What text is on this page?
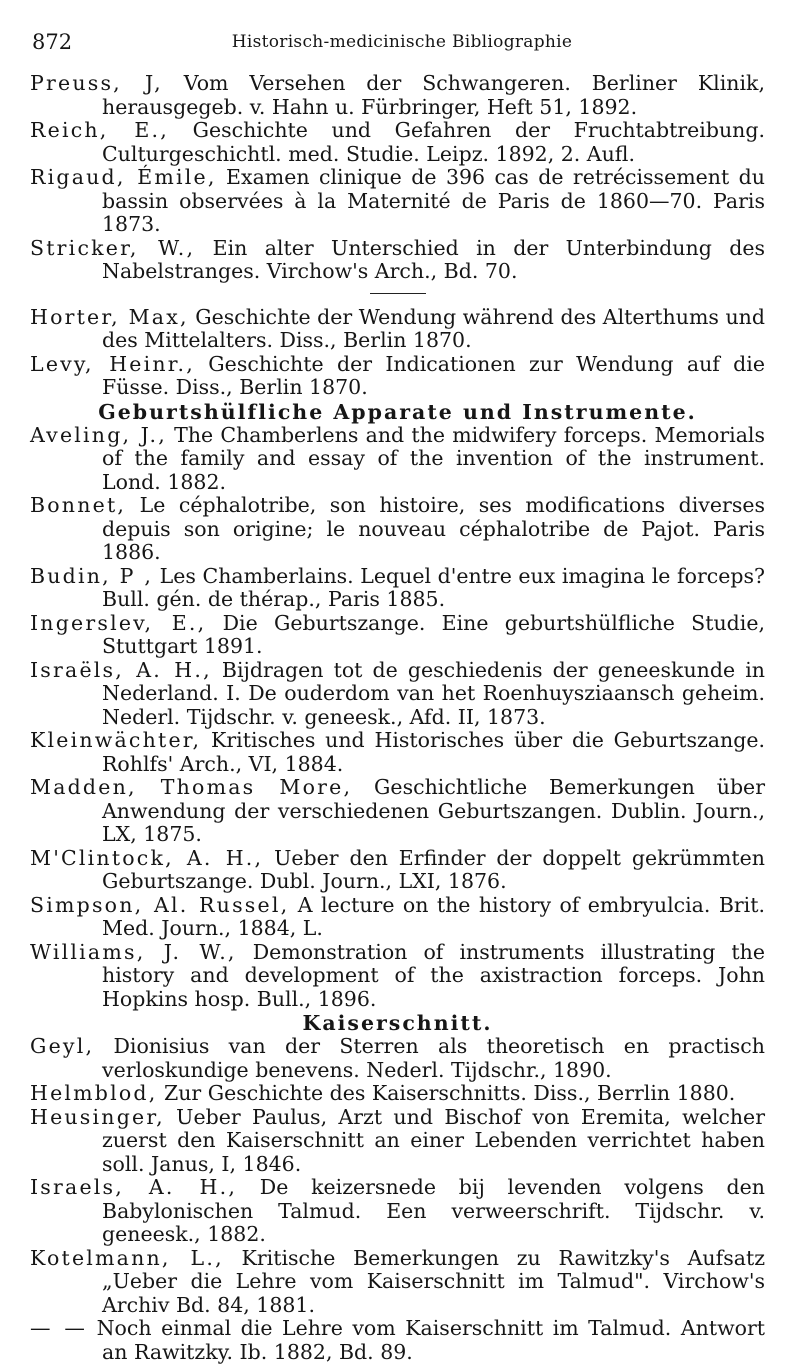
872	Historisch-medicinische Bibliographie

Preuss, J, Vom Versehen der Schwangeren. Berliner Klinik, herausgegeb. v. Hahn u. Fürbringer, Heft 51, 1892.

Reich, E., Geschichte und Gefahren der Fruchtabtreibung. Culturgeschichtl. med. Studie. Leipz. 1892, 2. Aufl.

Rigaud, Émile, Examen clinique de 396 cas de retrécissement du bassin observées à la Maternité de Paris de 1860—70. Paris 1873.

Stricker, W., Ein alter Unterschied in der Unterbindung des Nabelstranges. Virchow's Arch., Bd. 70.

Horter, Max, Geschichte der Wendung während des Alterthums und des Mittelalters. Diss., Berlin 1870.

Levy, Heinr., Geschichte der Indicationen zur Wendung auf die Füsse. Diss., Berlin 1870.

Geburtshülfliche Apparate und Instrumente.

Aveling, J., The Chamberlens and the midwifery forceps. Memorials of the family and essay of the invention of the instrument. Lond. 1882.

Bonnet, Le céphalotribe, son histoire, ses modifications diverses depuis son origine; le nouveau céphalotribe de Pajot. Paris 1886.

Budin, P , Les Chamberlains. Lequel d'entre eux imagina le forceps? Bull. gén. de thérap., Paris 1885.

Ingerslev, E., Die Geburtszange. Eine geburtshülfliche Studie, Stuttgart 1891.

Israëls, A. H., Bijdragen tot de geschiedenis der geneeskunde in Nederland. I. De ouderdom van het Roenhuysziaansch geheim. Nederl. Tijdschr. v. geneesk., Afd. II, 1873.

Kleinwächter, Kritisches und Historisches über die Geburtszange. Rohlfs' Arch., VI, 1884.

Madden, Thomas More, Geschichtliche Bemerkungen über Anwendung der verschiedenen Geburtszangen. Dublin. Journ., LX, 1875.

M'Clintock, A. H., Ueber den Erfinder der doppelt gekrümmten Geburtszange. Dubl. Journ., LXI, 1876.

Simpson, Al. Russel, A lecture on the history of embryulcia. Brit. Med. Journ., 1884, L.

Williams, J. W., Demonstration of instruments illustrating the history and development of the axistraction forceps. John Hopkins hosp. Bull., 1896.

Kaiserschnitt.

Geyl, Dionisius van der Sterren als theoretisch en practisch verloskundige benevens. Nederl. Tijdschr., 1890.

Helmblod, Zur Geschichte des Kaiserschnitts. Diss., Berrlin 1880.

Heusinger, Ueber Paulus, Arzt und Bischof von Eremita, welcher zuerst den Kaiserschnitt an einer Lebenden verrichtet haben soll. Janus, I, 1846.

Israels, A. H., De keizersnede bij levenden volgens den Babylonischen Talmud. Een verweerschrift. Tijdschr. v. geneesk., 1882.

Kotelmann, L., Kritische Bemerkungen zu Rawitzky's Aufsatz „Ueber die Lehre vom Kaiserschnitt im Talmud". Virchow's Archiv Bd. 84, 1881.

— — Noch einmal die Lehre vom Kaiserschnitt im Talmud. Antwort an Rawitzky. Ib. 1882, Bd. 89.
